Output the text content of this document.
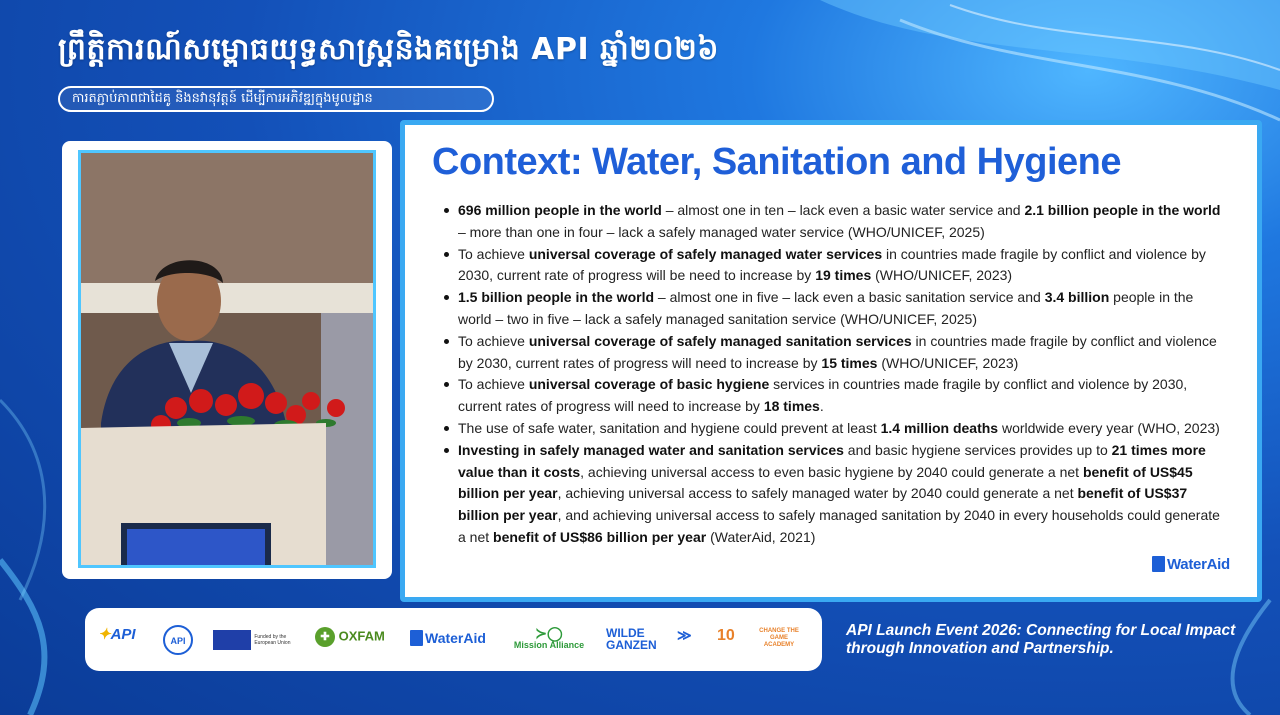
ព្រឹត្តិការណ៍សម្ពោធយុទ្ធសាស្រ្តនិងគម្រោង API ឆ្នាំ២០២៦
ការតភ្ជាប់ភាពជាដៃគូ និងនវានុវត្តន៍ ដើម្បីការអភិវឌ្ឍក្នុងមូលដ្ឋាន
Context: Water, Sanitation and Hygiene
696 million people in the world – almost one in ten – lack even a basic water service and 2.1 billion people in the world – more than one in four – lack a safely managed water service (WHO/UNICEF, 2025)
To achieve universal coverage of safely managed water services in countries made fragile by conflict and violence by 2030, current rate of progress will be need to increase by 19 times (WHO/UNICEF, 2023)
1.5 billion people in the world – almost one in five – lack even a basic sanitation service and 3.4 billion people in the world – two in five – lack a safely managed sanitation service (WHO/UNICEF, 2025)
To achieve universal coverage of safely managed sanitation services in countries made fragile by conflict and violence by 2030, current rates of progress will need to increase by 15 times (WHO/UNICEF, 2023)
To achieve universal coverage of basic hygiene services in countries made fragile by conflict and violence by 2030, current rates of progress will need to increase by 18 times.
The use of safe water, sanitation and hygiene could prevent at least 1.4 million deaths worldwide every year (WHO, 2023)
Investing in safely managed water and sanitation services and basic hygiene services provides up to 21 times more value than it costs, achieving universal access to even basic hygiene by 2040 could generate a net benefit of US$45 billion per year, achieving universal access to safely managed water by 2040 could generate a net benefit of US$37 billion per year, and achieving universal access to safely managed sanitation by 2040 in every households could generate a net benefit of US$86 billion per year (WaterAid, 2021)
WaterAid
✦API	API	Funded by the European Union	✚ OXFAM	WaterAid	≻◯
Mission Alliance
WILDE
GANZEN
≫ 10	CHANGE THE GAME ACADEMY
API Launch Event 2026: Connecting for Local Impact through Innovation and Partnership.
